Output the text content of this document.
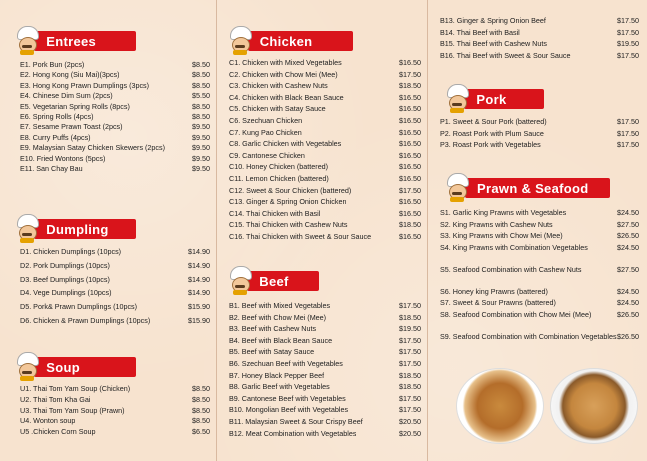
Entrees
E1. Pork Bun (2pcs)	$8.50
E2. Hong Kong (Siu Mai)(3pcs)	$8.50
E3. Hong Kong Prawn Dumplings (3pcs)	$8.50
E4. Chinese Dim Sum (2pcs)	$5.50
E5. Vegetarian Spring Rolls (8pcs)	$8.50
E6. Spring Rolls (4pcs)	$8.50
E7. Sesame Prawn Toast (2pcs)	$9.50
E8. Curry Puffs (4pcs)	$9.50
E9. Malaysian Satay Chicken Skewers (2pcs)	$9.50
E10. Fried Wontons (5pcs)	$9.50
E11. San Chay Bau	$9.50
Dumpling
D1. Chicken Dumplings (10pcs)	$14.90
D2. Pork Dumplings (10pcs)	$14.90
D3. Beef Dumplings (10pcs)	$14.90
D4. Vege Dumplings (10pcs)	$14.90
D5. Pork& Prawn Dumplings (10pcs)	$15.90
D6. Chicken & Prawn Dumplings (10pcs)	$15.90
Soup
U1. Thai Tom Yam Soup (Chicken)	$8.50
U2. Thai Tom Kha Gai	$8.50
U3. Thai Tom Yam Soup (Prawn)	$8.50
U4. Wonton soup	$8.50
U5 .Chicken Corn Soup	$6.50
Chicken
C1. Chicken with Mixed Vegetables	$16.50
C2. Chicken with Chow Mei (Mee)	$17.50
C3. Chicken with Cashew Nuts	$18.50
C4. Chicken with Black Bean Sauce	$16.50
C5. Chicken with Satay Sauce	$16.50
C6. Szechuan Chicken	$16.50
C7. Kung Pao Chicken	$16.50
C8. Garlic Chicken with Vegetables	$16.50
C9. Cantonese Chicken	$16.50
C10. Honey Chicken (battered)	$16.50
C11. Lemon Chicken (battered)	$16.50
C12. Sweet & Sour Chicken (battered)	$17.50
C13. Ginger & Spring Onion Chicken	$16.50
C14. Thai Chicken with Basil	$16.50
C15. Thai Chicken with Cashew Nuts	$18.50
C16. Thai Chicken with Sweet & Sour Sauce	$16.50
Beef
B1. Beef with Mixed Vegetables	$17.50
B2. Beef with Chow Mei (Mee)	$18.50
B3. Beef with Cashew Nuts	$19.50
B4. Beef with Black Bean Sauce	$17.50
B5. Beef with Satay Sauce	$17.50
B6. Szechuan Beef with Vegetables	$17.50
B7. Honey Black Pepper Beef	$18.50
B8. Garlic Beef with Vegetables	$18.50
B9. Cantonese Beef with Vegetables	$17.50
B10. Mongolian Beef with Vegetables	$17.50
B11. Malaysian Sweet & Sour Crispy Beef	$20.50
B12. Meat Combination with Vegetables	$20.50
B13. Ginger & Spring Onion Beef	$17.50
B14. Thai Beef with Basil	$17.50
B15. Thai Beef with Cashew Nuts	$19.50
B16. Thai Beef with Sweet & Sour Sauce	$17.50
Pork
P1. Sweet & Sour Pork (battered)	$17.50
P2. Roast Pork with Plum Sauce	$17.50
P3. Roast Pork with Vegetables	$17.50
Prawn & Seafood
S1. Garlic King Prawns with Vegetables	$24.50
S2. King Prawns with Cashew Nuts	$27.50
S3. King Prawns with Chow Mei (Mee)	$26.50
S4. King Prawns with Combination Vegetables	$24.50
S5. Seafood Combination with Cashew Nuts	$27.50
S6. Honey king Prawns (battered)	$24.50
S7. Sweet & Sour Prawns (battered)	$24.50
S8. Seafood Combination with Chow Mei (Mee)	$26.50
S9. Seafood Combination with Combination Vegetables $26.50
